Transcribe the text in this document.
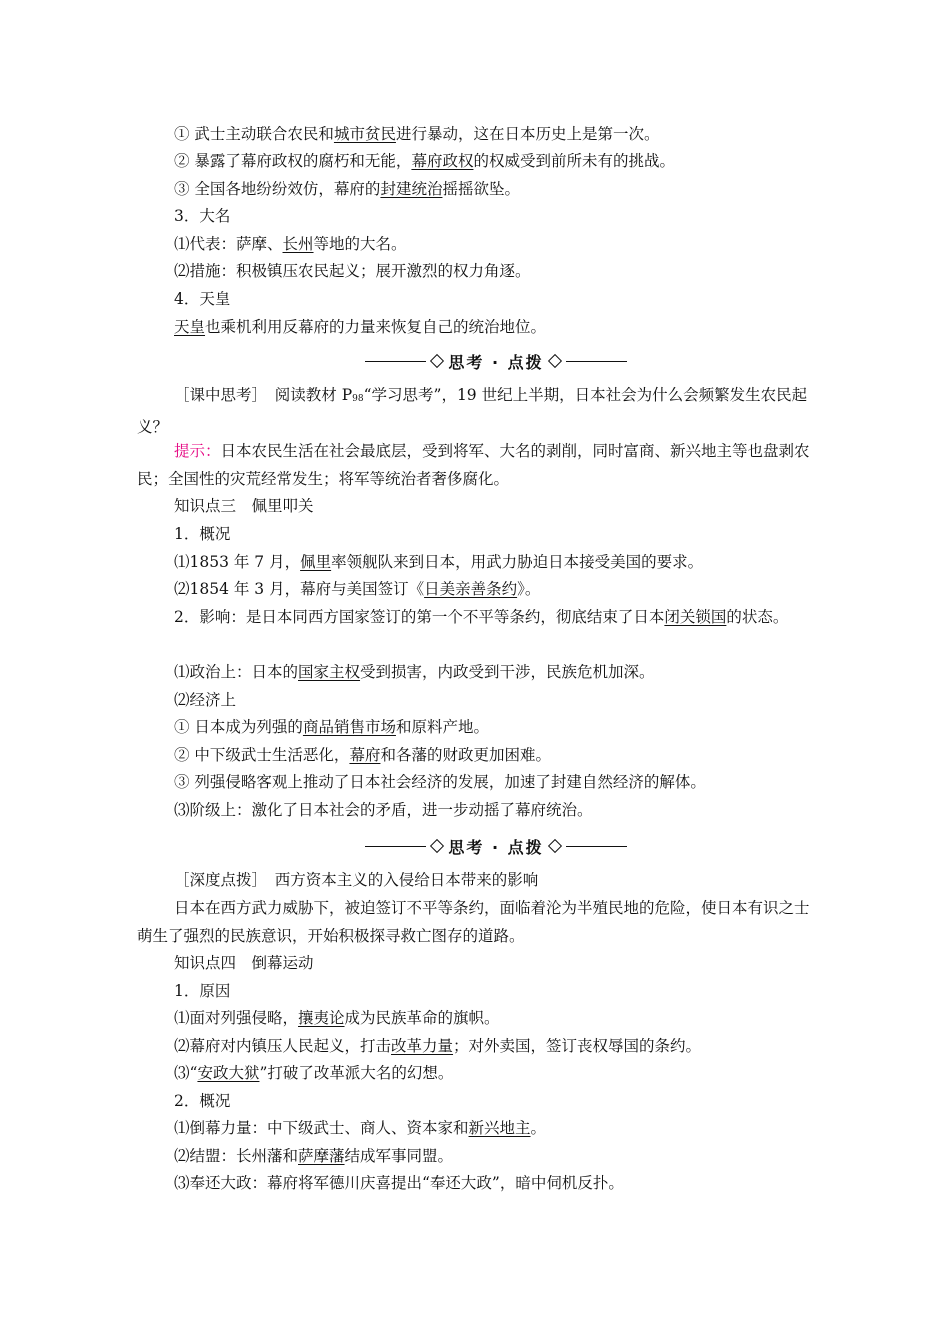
① 武士主动联合农民和城市贫民进行暴动，这在日本历史上是第一次。
② 暴露了幕府政权的腐朽和无能，幕府政权的权威受到前所未有的挑战。
③ 全国各地纷纷效仿，幕府的封建统治摇摇欲坠。
3．大名
⑴代表：萨摩、长州等地的大名。
⑵措施：积极镇压农民起义；展开激烈的权力角逐。
4．天皇
天皇也乘机利用反幕府的力量来恢复自己的统治地位。
思考 · 点拨
［课中思考］　 阅读教材 P98“学习思考”，19 世纪上半期，日本社会为什么会频繁发生农民起义？
提示：日本农民生活在社会最底层，受到将军、大名的剥削，同时富商、新兴地主等也盘剥农民；全国性的灾荒经常发生；将军等统治者奢侈腐化。
知识点三　佩里叩关
1．概况
⑴1853 年 7 月，佩里率领舰队来到日本，用武力胁迫日本接受美国的要求。
⑵1854 年 3 月，幕府与美国签订《日美亲善条约》。
2．影响：是日本同西方国家签订的第一个不平等条约，彻底结束了日本闭关锁国的状态。
⑴政治上：日本的国家主权受到损害，内政受到干涉，民族危机加深。
⑵经济上
① 日本成为列强的商品销售市场和原料产地。
② 中下级武士生活恶化，幕府和各藩的财政更加困难。
③ 列强侵略客观上推动了日本社会经济的发展，加速了封建自然经济的解体。
⑶阶级上：激化了日本社会的矛盾，进一步动摇了幕府统治。
思考 · 点拨
［深度点拨］　 西方资本主义的入侵给日本带来的影响
日本在西方武力威胁下，被迫签订不平等条约，面临着沦为半殖民地的危险，使日本有识之士萌生了强烈的民族意识，开始积极探寻救亡图存的道路。
知识点四　倒幕运动
1．原因
⑴面对列强侵略，攘夷论成为民族革命的旗帜。
⑵幕府对内镇压人民起义，打击改革力量；对外卖国，签订丧权辱国的条约。
⑶“安政大狱”打破了改革派大名的幻想。
2．概况
⑴倒幕力量：中下级武士、商人、资本家和新兴地主。
⑵结盟：长州藩和萨摩藩结成军事同盟。
⑶奉还大政：幕府将军德川庆喜提出“奉还大政”，暗中伺机反扑。
